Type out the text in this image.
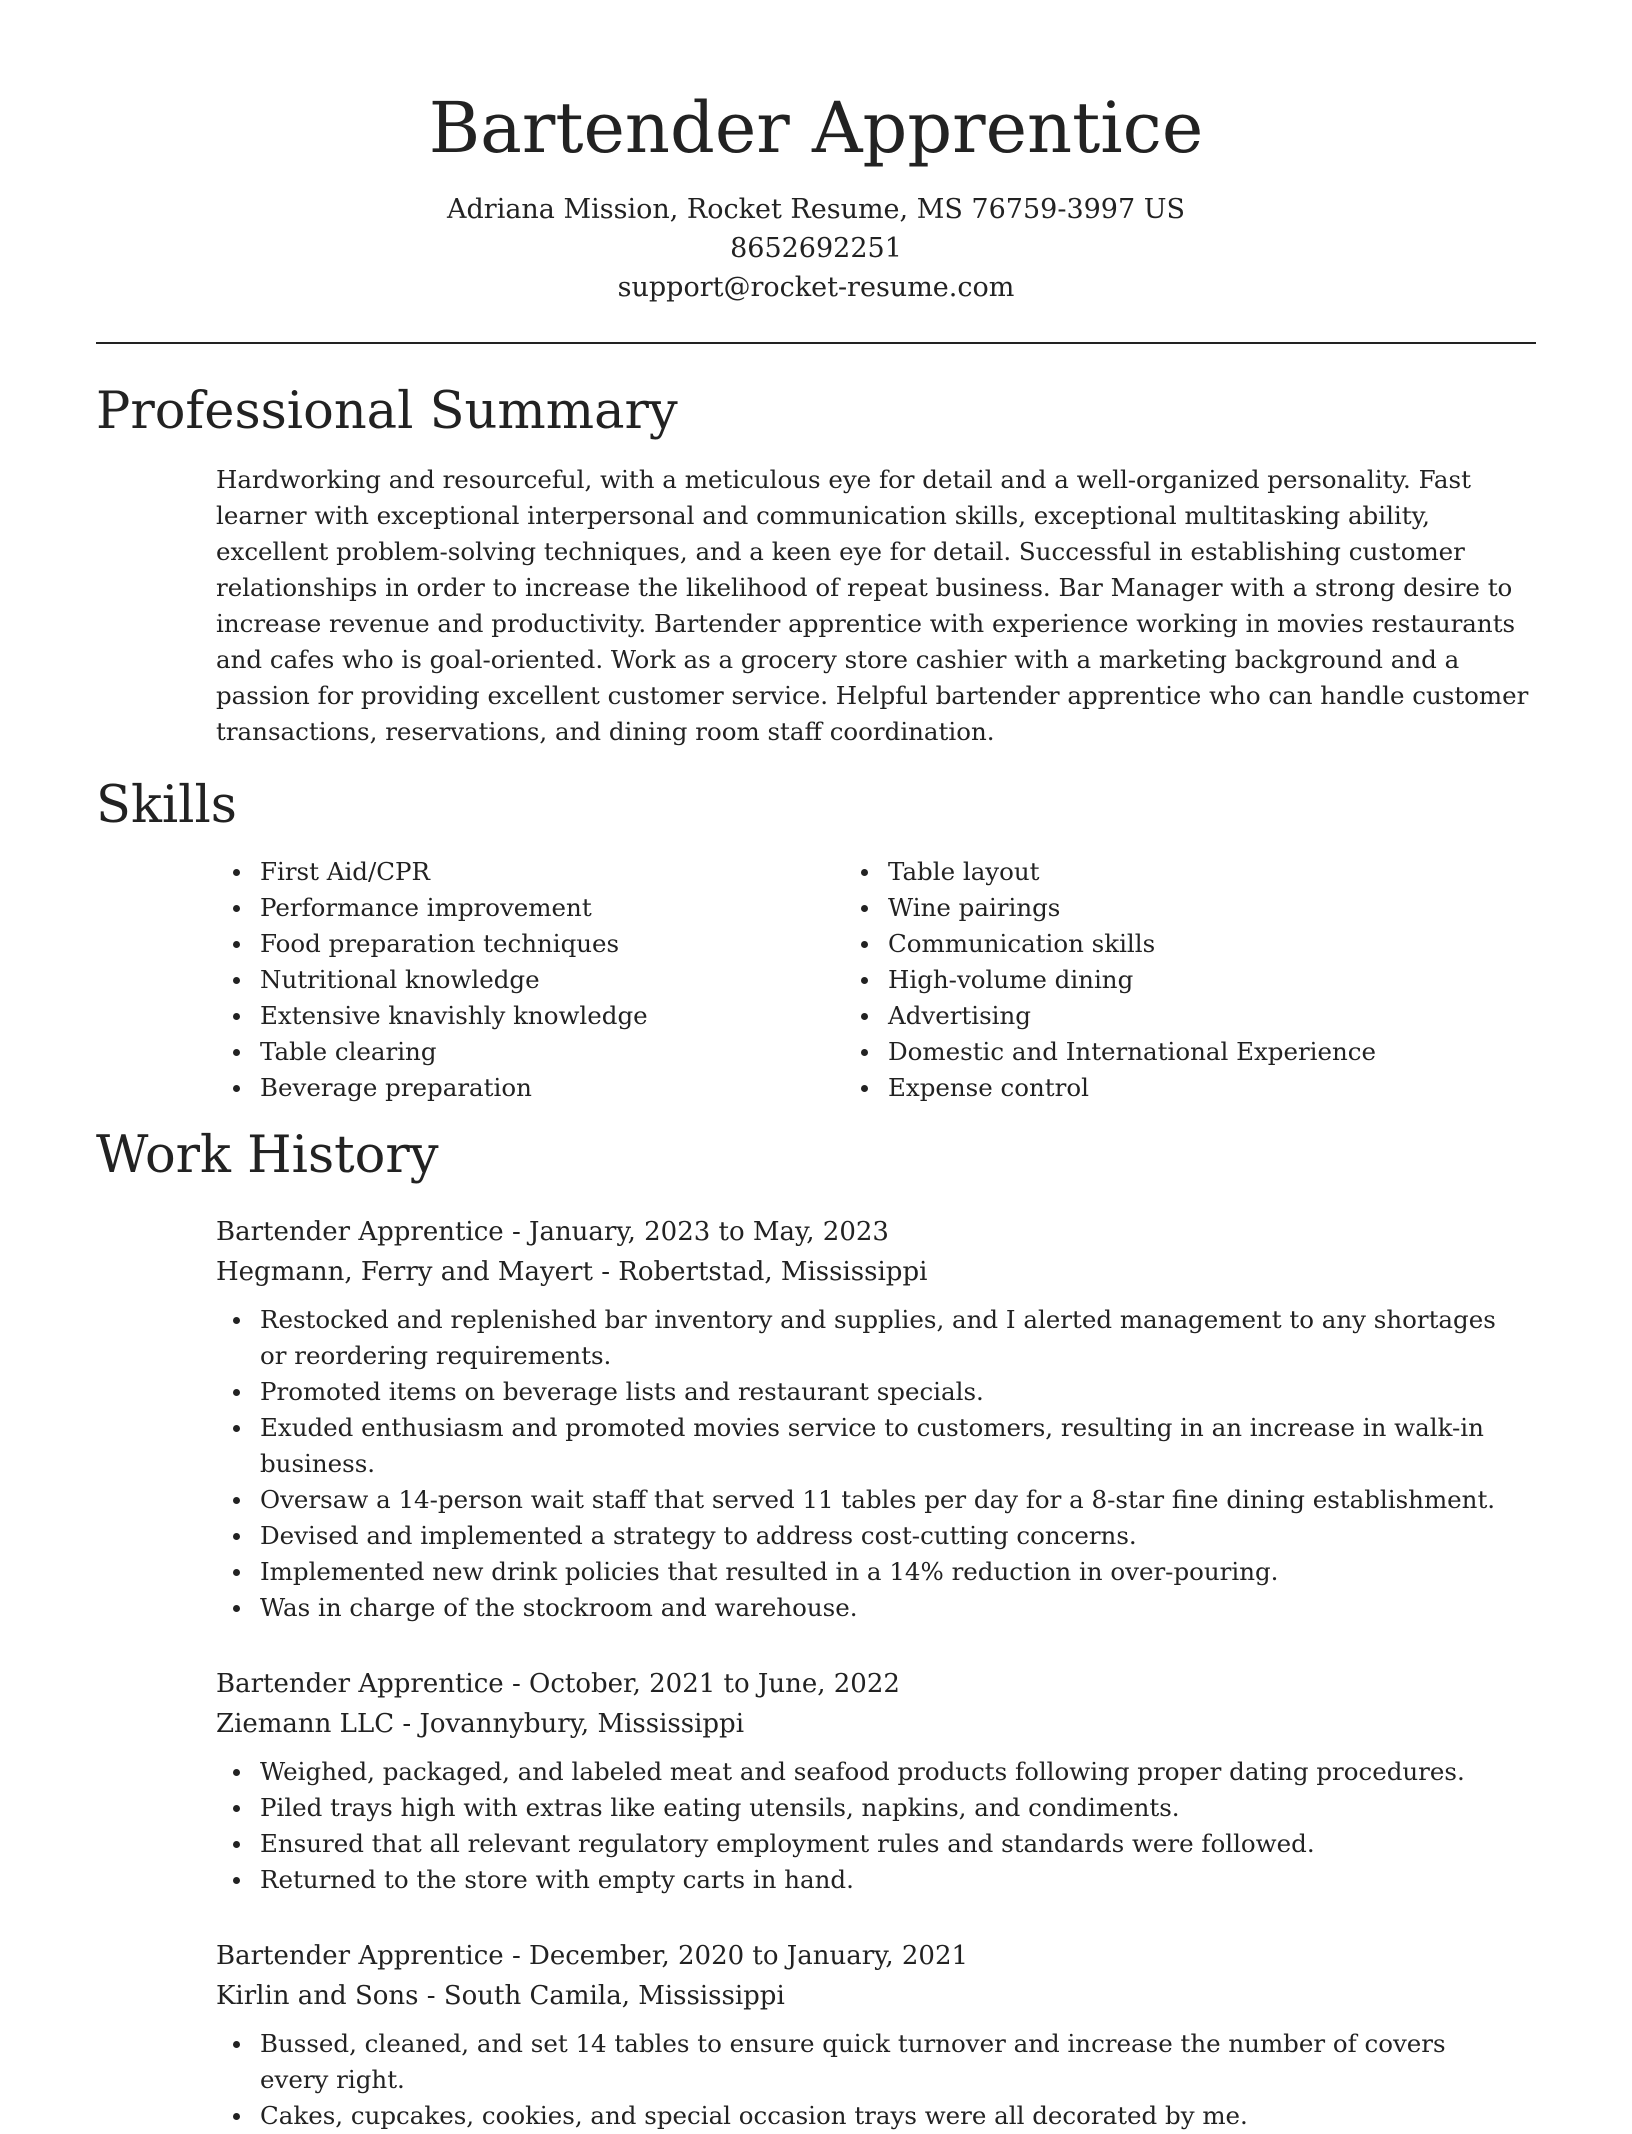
Bartender Apprentice
Adriana Mission, Rocket Resume, MS 76759-3997 US
8652692251
support@rocket-resume.com
Professional Summary
Hardworking and resourceful, with a meticulous eye for detail and a well-organized personality. Fast learner with exceptional interpersonal and communication skills, exceptional multitasking ability, excellent problem-solving techniques, and a keen eye for detail. Successful in establishing customer relationships in order to increase the likelihood of repeat business. Bar Manager with a strong desire to increase revenue and productivity. Bartender apprentice with experience working in movies restaurants and cafes who is goal-oriented. Work as a grocery store cashier with a marketing background and a passion for providing excellent customer service. Helpful bartender apprentice who can handle customer transactions, reservations, and dining room staff coordination.
Skills
First Aid/CPR
Performance improvement
Food preparation techniques
Nutritional knowledge
Extensive knavishly knowledge
Table clearing
Beverage preparation
Table layout
Wine pairings
Communication skills
High-volume dining
Advertising
Domestic and International Experience
Expense control
Work History
Bartender Apprentice - January, 2023 to May, 2023
Hegmann, Ferry and Mayert - Robertstad, Mississippi
Restocked and replenished bar inventory and supplies, and I alerted management to any shortages or reordering requirements.
Promoted items on beverage lists and restaurant specials.
Exuded enthusiasm and promoted movies service to customers, resulting in an increase in walk-in business.
Oversaw a 14-person wait staff that served 11 tables per day for a 8-star fine dining establishment.
Devised and implemented a strategy to address cost-cutting concerns.
Implemented new drink policies that resulted in a 14% reduction in over-pouring.
Was in charge of the stockroom and warehouse.
Bartender Apprentice - October, 2021 to June, 2022
Ziemann LLC - Jovannybury, Mississippi
Weighed, packaged, and labeled meat and seafood products following proper dating procedures.
Piled trays high with extras like eating utensils, napkins, and condiments.
Ensured that all relevant regulatory employment rules and standards were followed.
Returned to the store with empty carts in hand.
Bartender Apprentice - December, 2020 to January, 2021
Kirlin and Sons - South Camila, Mississippi
Bussed, cleaned, and set 14 tables to ensure quick turnover and increase the number of covers every right.
Cakes, cupcakes, cookies, and special occasion trays were all decorated by me.
